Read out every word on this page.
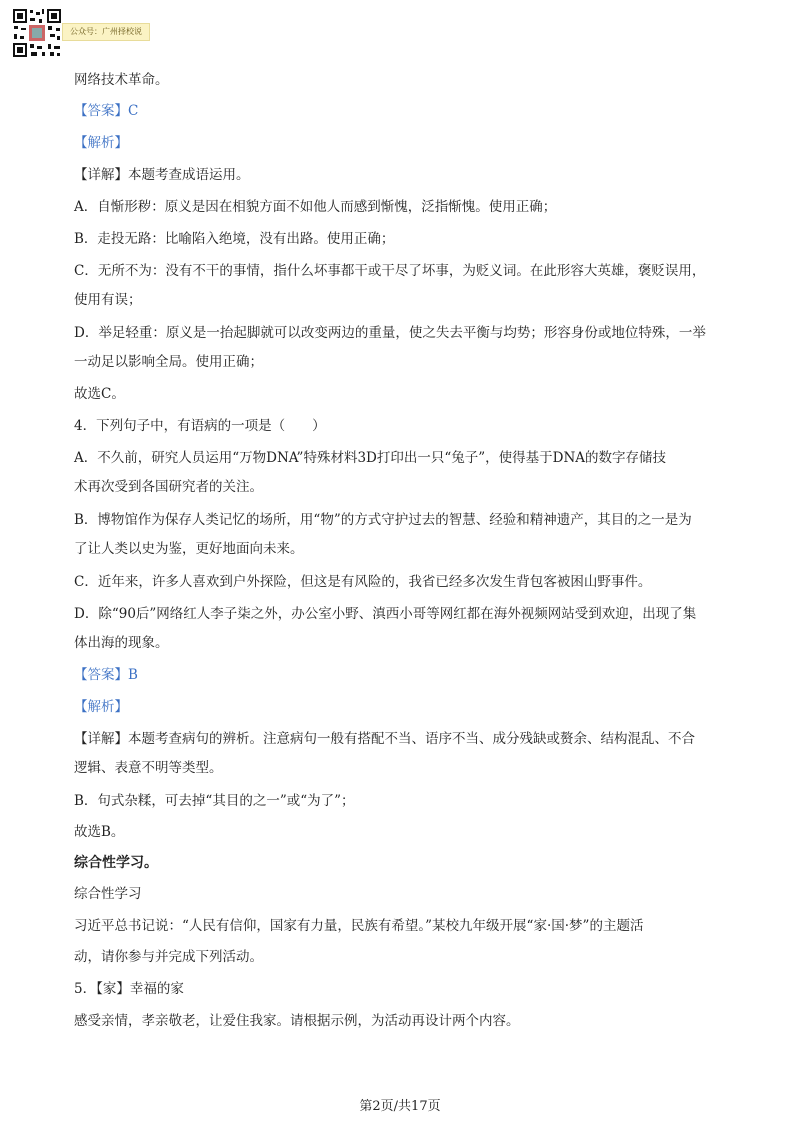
公众号：广州择校说
网络技术革命。
【答案】C
【解析】
【详解】本题考查成语运用。
A．自惭形秽：原义是因在相貌方面不如他人而感到惭愧，泛指惭愧。使用正确；
B．走投无路：比喻陷入绝境，没有出路。使用正确；
C．无所不为：没有不干的事情，指什么坏事都干或干尽了坏事，为贬义词。在此形容大英雄，褒贬误用，
使用有误；
D．举足轻重：原义是一抬起脚就可以改变两边的重量，使之失去平衡与均势；形容身份或地位特殊，一举
一动足以影响全局。使用正确；
故选C。
4．下列句子中，有语病的一项是（　　）
A．不久前，研究人员运用“万物DNA”特殊材料3D打印出一只“兔子”，使得基于DNA的数字存储技
术再次受到各国研究者的关注。
B．博物馆作为保存人类记忆的场所，用“物”的方式守护过去的智慧、经验和精神遗产，其目的之一是为
了让人类以史为鉴，更好地面向未来。
C．近年来，许多人喜欢到户外探险，但这是有风险的，我省已经多次发生背包客被困山野事件。
D．除“90后”网络红人李子柒之外，办公室小野、滇西小哥等网红都在海外视频网站受到欢迎，出现了集
体出海的现象。
【答案】B
【解析】
【详解】本题考查病句的辨析。注意病句一般有搭配不当、语序不当、成分残缺或赘余、结构混乱、不合
逻辑、表意不明等类型。
B．句式杂糅，可去掉“其目的之一”或“为了”；
故选B。
综合性学习。
综合性学习
习近平总书记说：“人民有信仰，国家有力量，民族有希望。”某校九年级开展“家·国·梦”的主题活
动，请你参与并完成下列活动。
5．【家】幸福的家
感受亲情，孝亲敬老，让爱住我家。请根据示例，为活动再设计两个内容。
第2页/共17页
